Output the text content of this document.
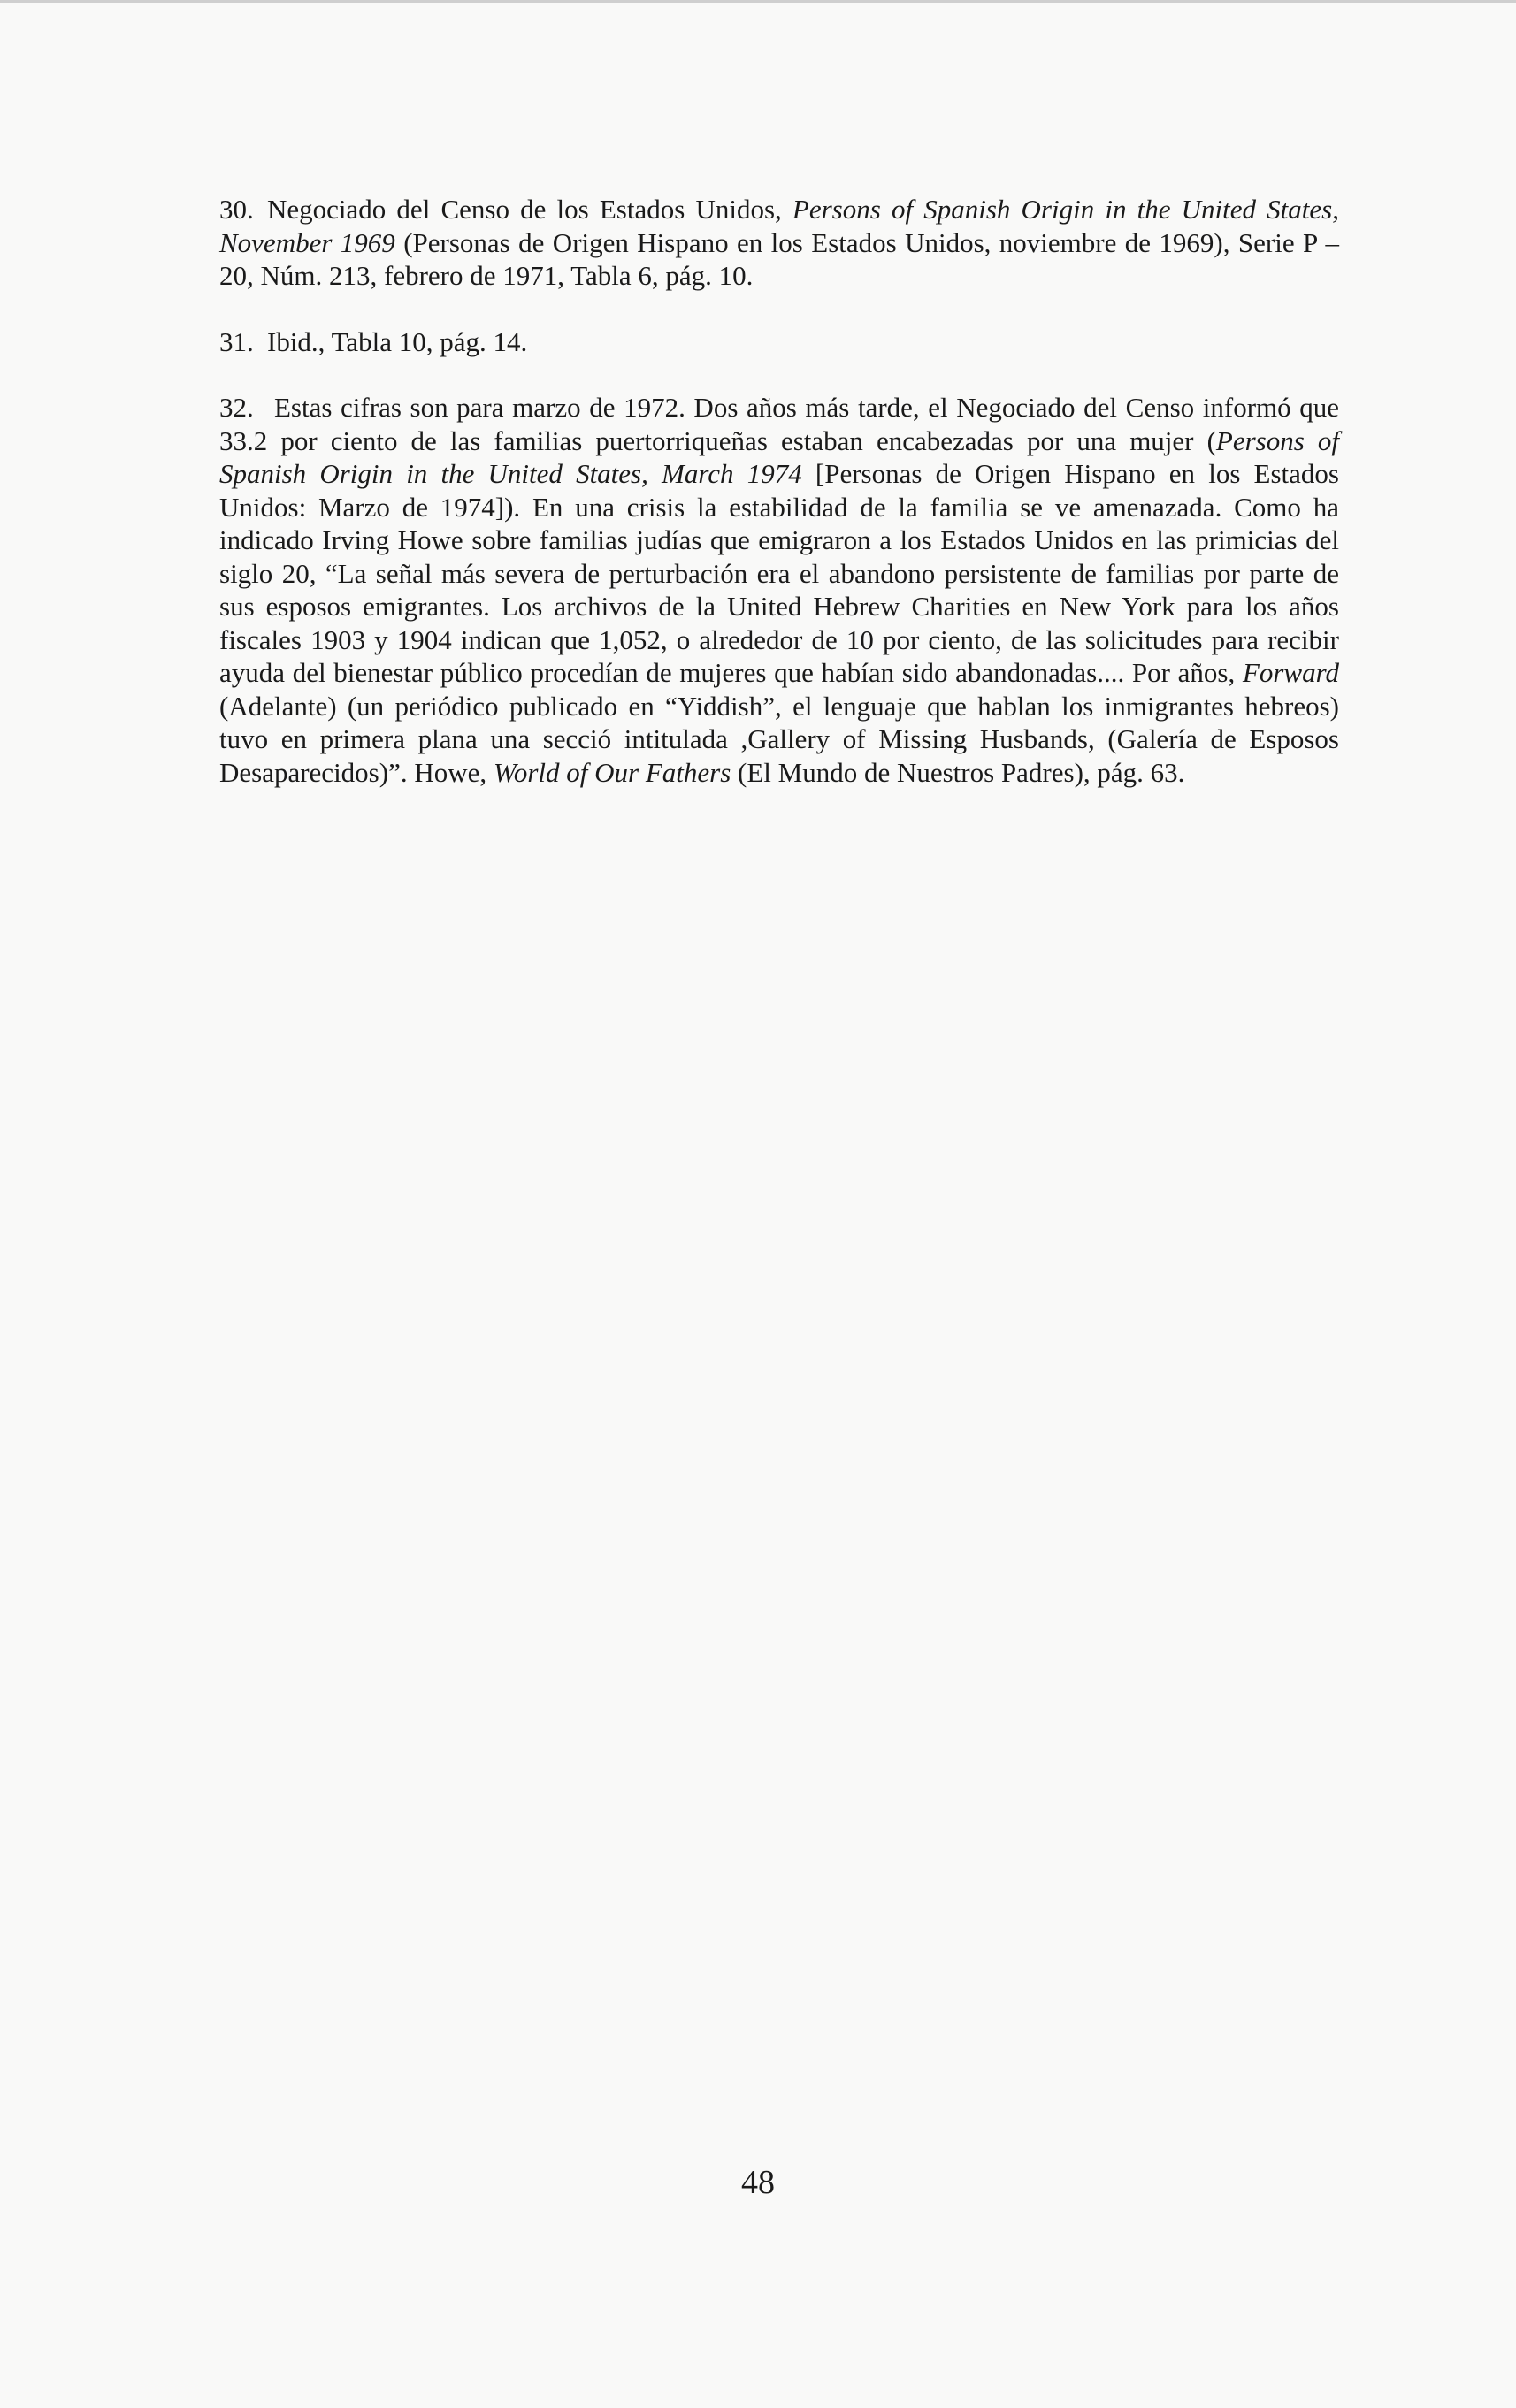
30. Negociado del Censo de los Estados Unidos, Persons of Spanish Origin in the United States, November 1969 (Personas de Origen Hispano en los Estados Unidos, noviembre de 1969), Serie P – 20, Núm. 213, febrero de 1971, Tabla 6, pág. 10.

31. Ibid., Tabla 10, pág. 14.

32. Estas cifras son para marzo de 1972. Dos años más tarde, el Negociado del Censo informó que 33.2 por ciento de las familias puertorriqueñas estaban encabezadas por una mujer (Persons of Spanish Origin in the United States, March 1974 [Personas de Origen Hispano en los Estados Unidos: Marzo de 1974]). En una crisis la estabilidad de la familia se ve amenazada. Como ha indicado Irving Howe sobre familias judías que emigraron a los Estados Unidos en las primicias del siglo 20, “La señal más severa de perturbación era el abandono persistente de familias por parte de sus esposos emigrantes. Los archivos de la United Hebrew Charities en New York para los años fiscales 1903 y 1904 indican que 1,052, o alrededor de 10 por ciento, de las solicitudes para recibir ayuda del bienestar público procedían de mujeres que habían sido abandonadas.... Por años, Forward (Adelante) (un periódico publicado en “Yiddish”, el lenguaje que hablan los inmigrantes hebreos) tuvo en primera plana una secció intitulada ,Gallery of Missing Husbands, (Galería de Esposos Desaparecidos)”. Howe, World of Our Fathers (El Mundo de Nuestros Padres), pág. 63.

48
